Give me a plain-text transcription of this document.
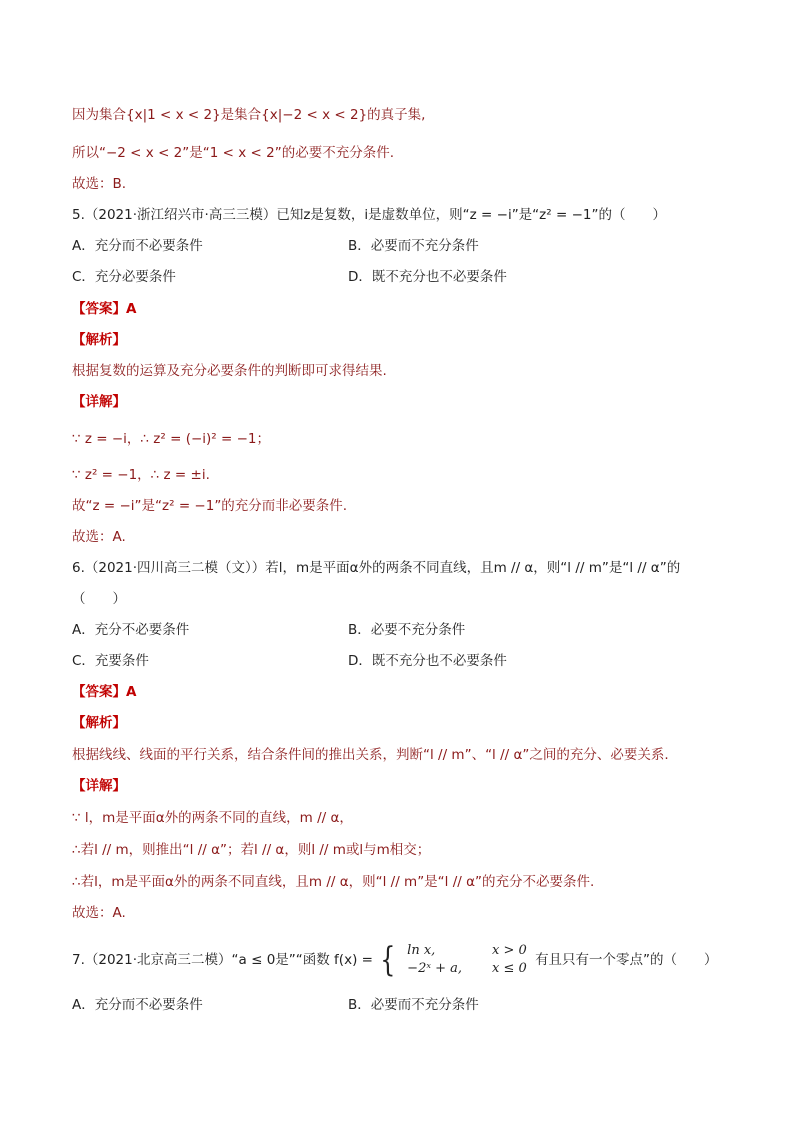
因为集合{x|1 < x < 2}是集合{x|−2 < x < 2}的真子集,
所以“−2 < x < 2”是“1 < x < 2”的必要不充分条件.
故选：B.
5.（2021·浙江绍兴市·高三三模）已知z是复数，i是虚数单位，则“z = −i”是“z² = −1”的（　　）
A．充分而不必要条件	B．必要而不充分条件
C．充分必要条件	D．既不充分也不必要条件
【答案】A
【解析】
根据复数的运算及充分必要条件的判断即可求得结果.
【详解】
∵ z = −i，∴ z² = (−i)² = −1；
∵ z² = −1，∴ z = ±i.
故“z = −i”是“z² = −1”的充分而非必要条件.
故选：A.
6.（2021·四川高三二模（文））若l，m是平面α外的两条不同直线，且m // α，则“l // m”是“l // α”的
（　　）
A．充分不必要条件	B．必要不充分条件
C．充要条件	D．既不充分也不必要条件
【答案】A
【解析】
根据线线、线面的平行关系，结合条件间的推出关系，判断“l // m”、“l // α”之间的充分、必要关系.
【详解】
∵ l，m是平面α外的两条不同的直线，m // α，
∴若l // m，则推出“l // α”；若l // α，则l // m或l与m相交；
∴若l，m是平面α外的两条不同直线，且m // α，则“l // m”是“l // α”的充分不必要条件.
故选：A.
7.（2021·北京高三二模）“a ≤ 0是”“函数 f(x) = { ln x,	x > 0
−2ˣ + a,	x ≤ 0 有且只有一个零点”的（　　）
A．充分而不必要条件	B．必要而不充分条件
